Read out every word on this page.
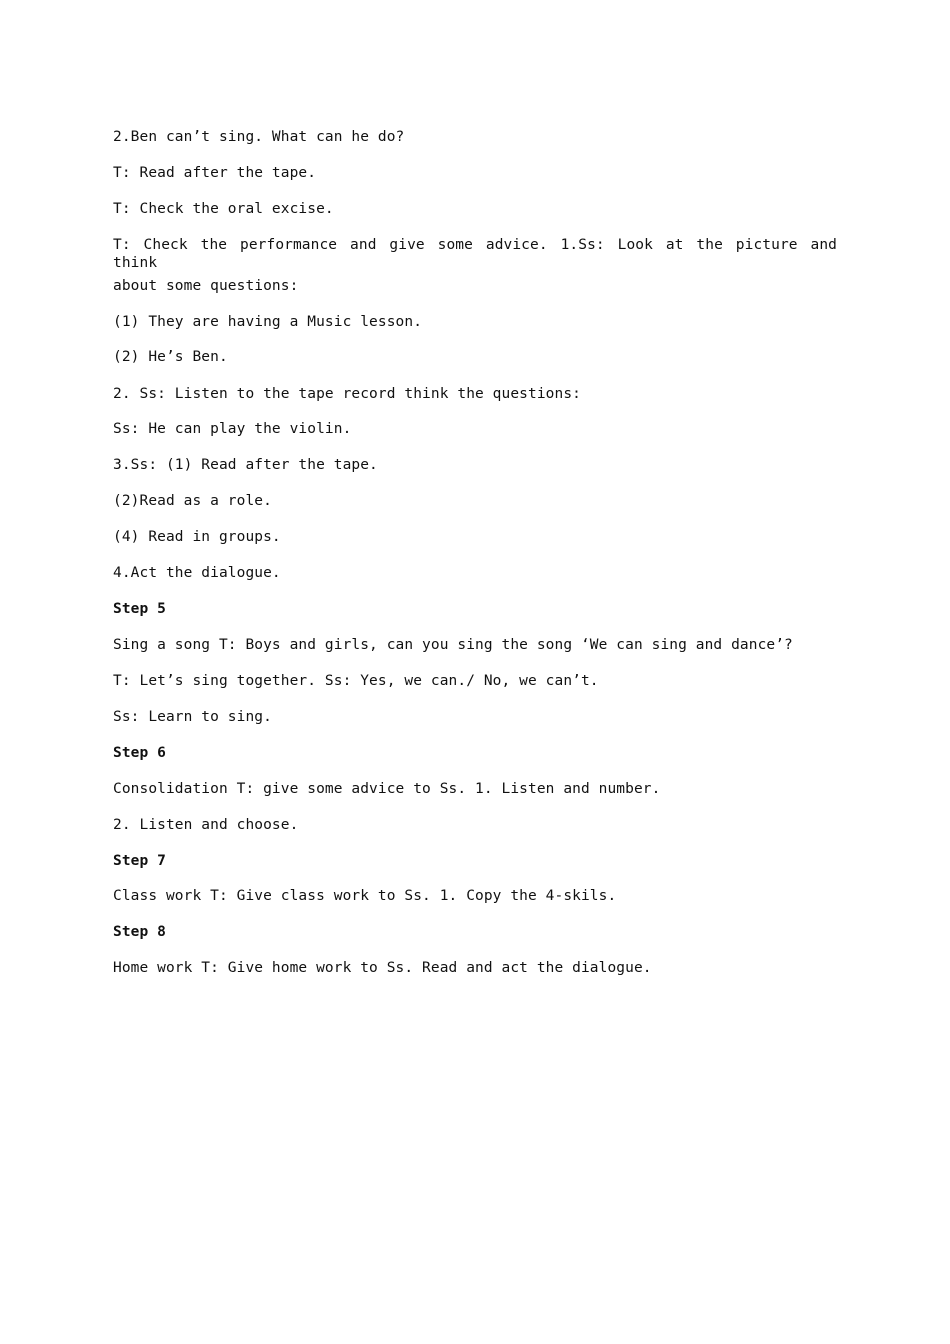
2.Ben can’t sing. What can he do?
T: Read after the tape.
T: Check the oral excise.
T: Check the performance and give some advice. 1.Ss: Look at the picture and think
about some questions:
(1) They are having a Music lesson.
(2) He’s Ben.
2. Ss: Listen to the tape record think the questions:
Ss: He can play the violin.
3.Ss: (1) Read after the tape.
(2)Read as a role.
(4) Read in groups.
4.Act the dialogue.
Step 5
Sing a song T: Boys and girls, can you sing the song ‘We can sing and dance’?
T: Let’s sing together. Ss: Yes, we can./ No, we can’t.
Ss: Learn to sing.
Step 6
Consolidation T: give some advice to Ss. 1. Listen and number.
2. Listen and choose.
Step 7
Class work T: Give class work to Ss. 1. Copy the 4-skils.
Step 8
Home work T: Give home work to Ss. Read and act the dialogue.
